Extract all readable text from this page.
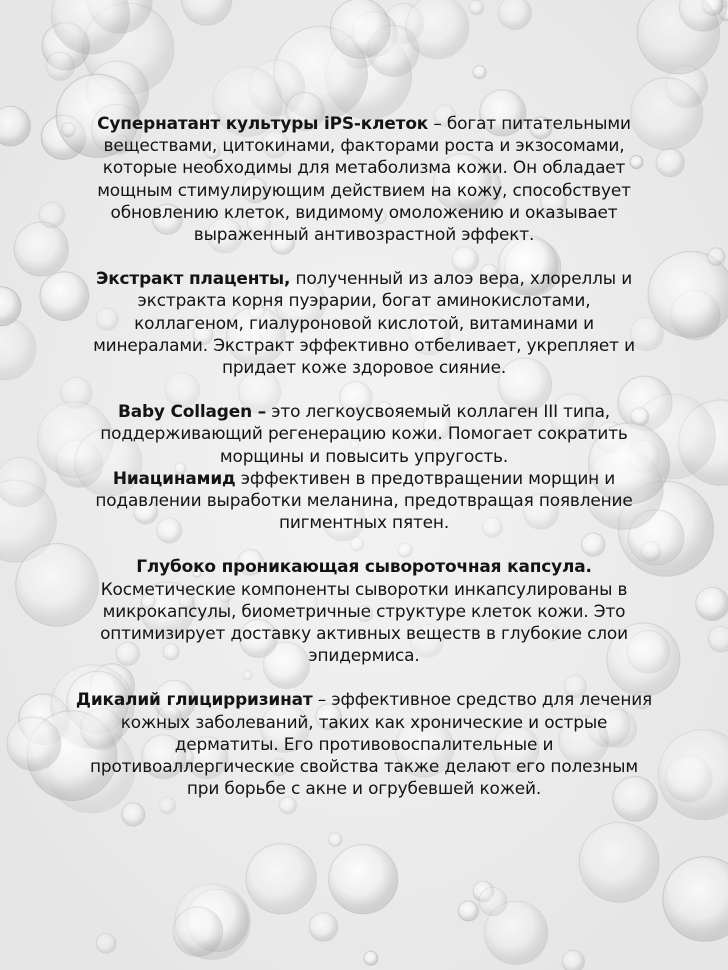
Супернатант культуры iPS-клеток – богат питательными
веществами, цитокинами, факторами роста и экзосомами,
которые необходимы для метаболизма кожи. Он обладает
мощным стимулирующим действием на кожу, способствует
обновлению клеток, видимому омоложению и оказывает
выраженный антивозрастной эффект.
Экстракт плаценты, полученный из алоэ вера, хлореллы и
экстракта корня пуэрарии, богат аминокислотами,
коллагеном, гиалуроновой кислотой, витаминами и
минералами. Экстракт эффективно отбеливает, укрепляет и
придает коже здоровое сияние.
Baby Collagen – это легкоусвояемый коллаген III типа,
поддерживающий регенерацию кожи. Помогает сократить
морщины и повысить упругость.
Ниацинамид эффективен в предотвращении морщин и
подавлении выработки меланина, предотвращая появление
пигментных пятен.
Глубоко проникающая сывороточная капсула.
Косметические компоненты сыворотки инкапсулированы в
микрокапсулы, биометричные структуре клеток кожи. Это
оптимизирует доставку активных веществ в глубокие слои
эпидермиса.
Дикалий глицирризинат – эффективное средство для лечения
кожных заболеваний, таких как хронические и острые
дерматиты. Его противовоспалительные и
противоаллергические свойства также делают его полезным
при борьбе с акне и огрубевшей кожей.
